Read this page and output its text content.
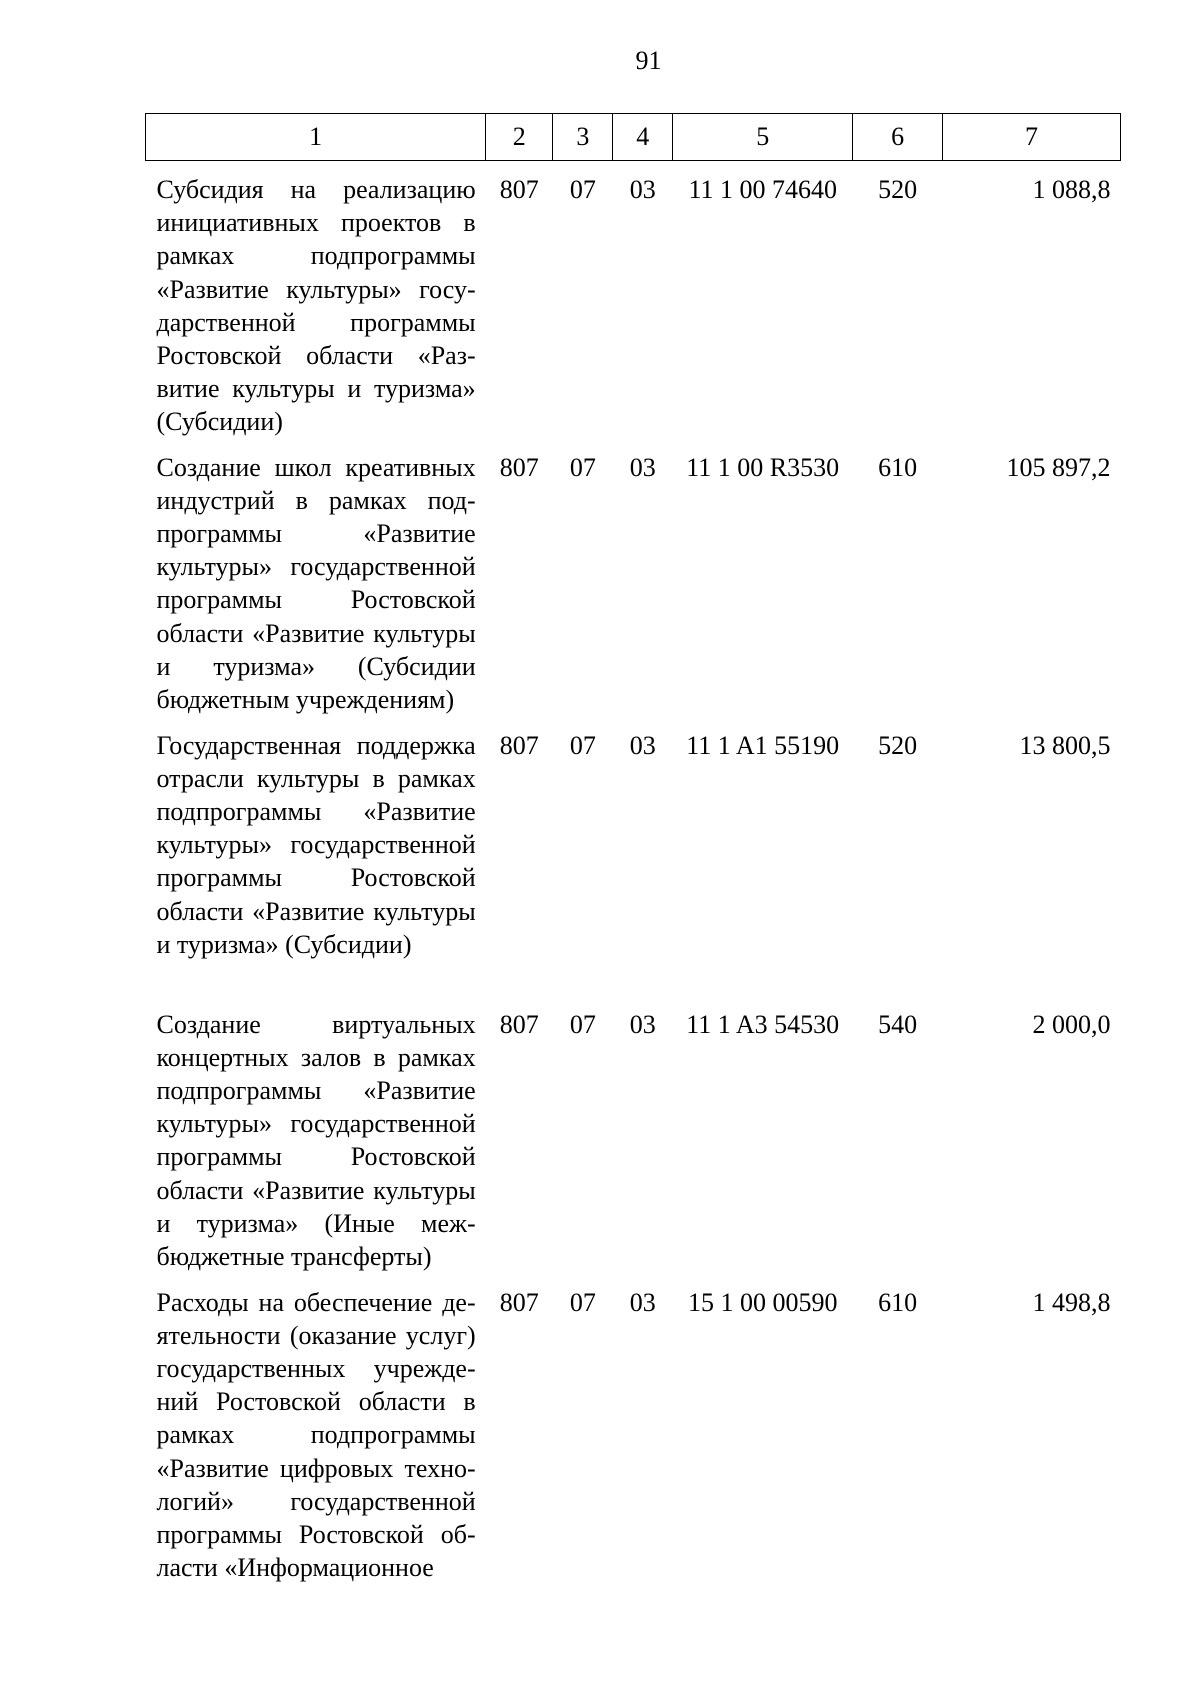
91
1	2	3	4	5	6	7
Субсидия на реализацию инициативных проектов в рамках подпрограммы «Развитие культуры» государственной программы Ростовской области «Развитие культуры и туризма» (Субсидии)	807	07	03	11 1 00 74640	520	1 088,8
Создание школ креативных индустрий в рамках подпрограммы «Развитие культуры» государственной программы Ростовской области «Развитие культуры и туризма» (Субсидии бюджетным учреждениям)	807	07	03	11 1 00 R3530	610	105 897,2
Государственная поддержка отрасли культуры в рамках подпрограммы «Развитие культуры» государственной программы Ростовской области «Развитие культуры и туризма» (Субсидии)	807	07	03	11 1 A1 55190	520	13 800,5
Создание виртуальных концертных залов в рамках подпрограммы «Развитие культуры» государственной программы Ростовской области «Развитие культуры и туризма» (Иные межбюджетные трансферты)	807	07	03	11 1 A3 54530	540	2 000,0
Расходы на обеспечение деятельности (оказание услуг) государственных учреждений Ростовской области в рамках подпрограммы «Развитие цифровых технологий» государственной программы Ростовской области «Информационное	807	07	03	15 1 00 00590	610	1 498,8
